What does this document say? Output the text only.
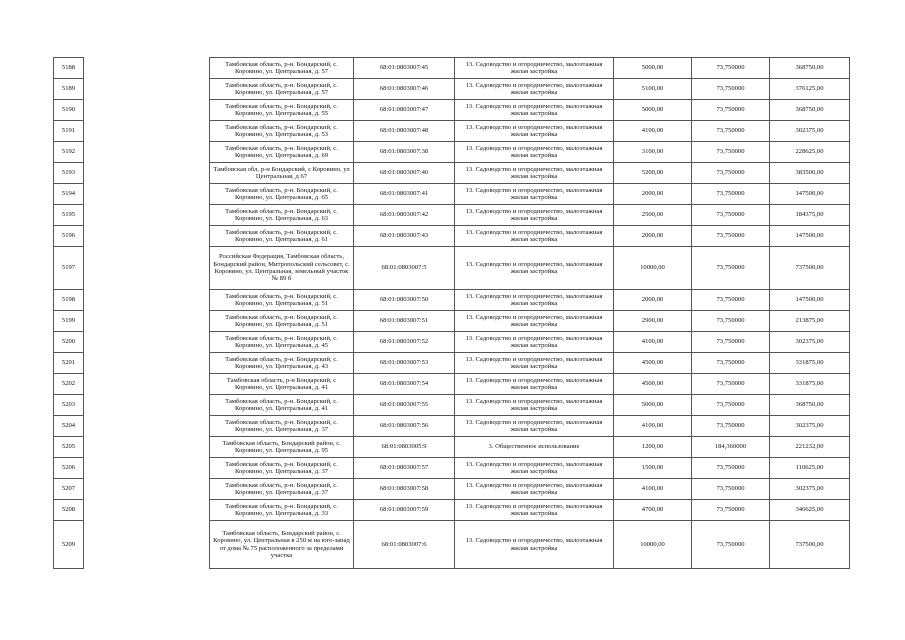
5188		Тамбовская область, р-н. Бондарский, с. Коровино, ул. Центральная, д. 57	68:01:0803007:45	13. Садоводство и огородничество, малоэтажная жилая застройка	5000,00	73,750000	368750,00
5189		Тамбовская область, р-н. Бондарский, с. Коровино, ул. Центральная, д. 57	68:01:0803007:46	13. Садоводство и огородничество, малоэтажная жилая застройка	5100,00	73,750000	376125,00
5190		Тамбовская область, р-н. Бондарский, с. Коровино, ул. Центральная, д. 55	68:01:0803007:47	13. Садоводство и огородничество, малоэтажная жилая застройка	5000,00	73,750000	368750,00
5191		Тамбовская область, р-н. Бондарский, с. Коровино, ул. Центральная, д. 53	68:01:0803007:48	13. Садоводство и огородничество, малоэтажная жилая застройка	4100,00	73,750000	302375,00
5192		Тамбовская область, р-н. Бондарский, с. Коровино, ул. Центральная, д. 69	68:01:0803007:38	13. Садоводство и огородничество, малоэтажная жилая застройка	3100,00	73,750000	228625,00
5193		Тамбовская обл, р-н Бондарский, с Коровино, ул Центральная, д 67	68:01:0803007:40	13. Садоводство и огородничество, малоэтажная жилая застройка	5200,00	73,750000	383500,00
5194		Тамбовская область, р-н. Бондарский, с. Коровино, ул. Центральная, д. 65	68:01:0803007:41	13. Садоводство и огородничество, малоэтажная жилая застройка	2000,00	73,750000	147500,00
5195		Тамбовская область, р-н. Бондарский, с. Коровино, ул. Центральная, д. 63	68:01:0803007:42	13. Садоводство и огородничество, малоэтажная жилая застройка	2500,00	73,750000	184375,00
5196		Тамбовская область, р-н. Бондарский, с. Коровино, ул. Центральная, д. 61	68:01:0803007:43	13. Садоводство и огородничество, малоэтажная жилая застройка	2000,00	73,750000	147500,00
5197		Российская Федерация, Тамбовская область, Бондарский район, Митропольский сельсовет, с. Коровино, ул. Центральная, земельный участок № 89 б	68:01:0803007:5	13. Садоводство и огородничество, малоэтажная жилая застройка	10000,00	73,750000	737500,00
5198		Тамбовская область, р-н. Бондарский, с. Коровино, ул. Центральная, д. 51	68:01:0803007:50	13. Садоводство и огородничество, малоэтажная жилая застройка	2000,00	73,750000	147500,00
5199		Тамбовская область, р-н. Бондарский, с. Коровино, ул. Центральная, д. 51	68:01:0803007:51	13. Садоводство и огородничество, малоэтажная жилая застройка	2900,00	73,750000	213875,00
5200		Тамбовская область, р-н. Бондарский, с. Коровино, ул. Центральная, д. 45	68:01:0803007:52	13. Садоводство и огородничество, малоэтажная жилая застройка	4100,00	73,750000	302375,00
5201		Тамбовская область, р-н. Бондарский, с. Коровино, ул. Центральная, д. 43	68:01:0803007:53	13. Садоводство и огородничество, малоэтажная жилая застройка	4500,00	73,750000	331875,00
5202		Тамбовская область, р-н Бондарский, с Коровино, ул. Центральная, д. 41	68:01:0803007:54	13. Садоводство и огородничество, малоэтажная жилая застройка	4500,00	73,750000	331875,00
5203		Тамбовская область, р-н. Бондарский, с. Коровино, ул. Центральная, д. 41	68:01:0803007:55	13. Садоводство и огородничество, малоэтажная жилая застройка	5000,00	73,750000	368750,00
5204		Тамбовская область, р-н. Бондарский, с. Коровино, ул. Центральная, д. 37	68:01:0803007:56	13. Садоводство и огородничество, малоэтажная жилая застройка	4100,00	73,750000	302375,00
5205		Тамбовская область, Бондарский район, с. Коровино, ул. Центральная, д. 95	68:01:0803005:9	3. Общественное использование	1200,00	184,360000	221232,00
5206		Тамбовская область, р-н. Бондарский, с. Коровино, ул. Центральная, д. 37	68:01:0803007:57	13. Садоводство и огородничество, малоэтажная жилая застройка	1500,00	73,750000	110625,00
5207		Тамбовская область, р-н. Бондарский, с. Коровино, ул. Центральная, д. 37	68:01:0803007:58	13. Садоводство и огородничество, малоэтажная жилая застройка	4100,00	73,750000	302375,00
5208		Тамбовская область, р-н. Бондарский, с. Коровино, ул. Центральная, д. 33	68:01:0803007:59	13. Садоводство и огородничество, малоэтажная жилая застройка	4700,00	73,750000	346625,00
5209		Тамбовская область, Бондарский район, с. Коровино, ул. Центральная в 250 м на юго-запад от дома № 75 расположенного за пределами участка	68:01:0803007:6	13. Садоводство и огородничество, малоэтажная жилая застройка	10000,00	73,750000	737500,00
